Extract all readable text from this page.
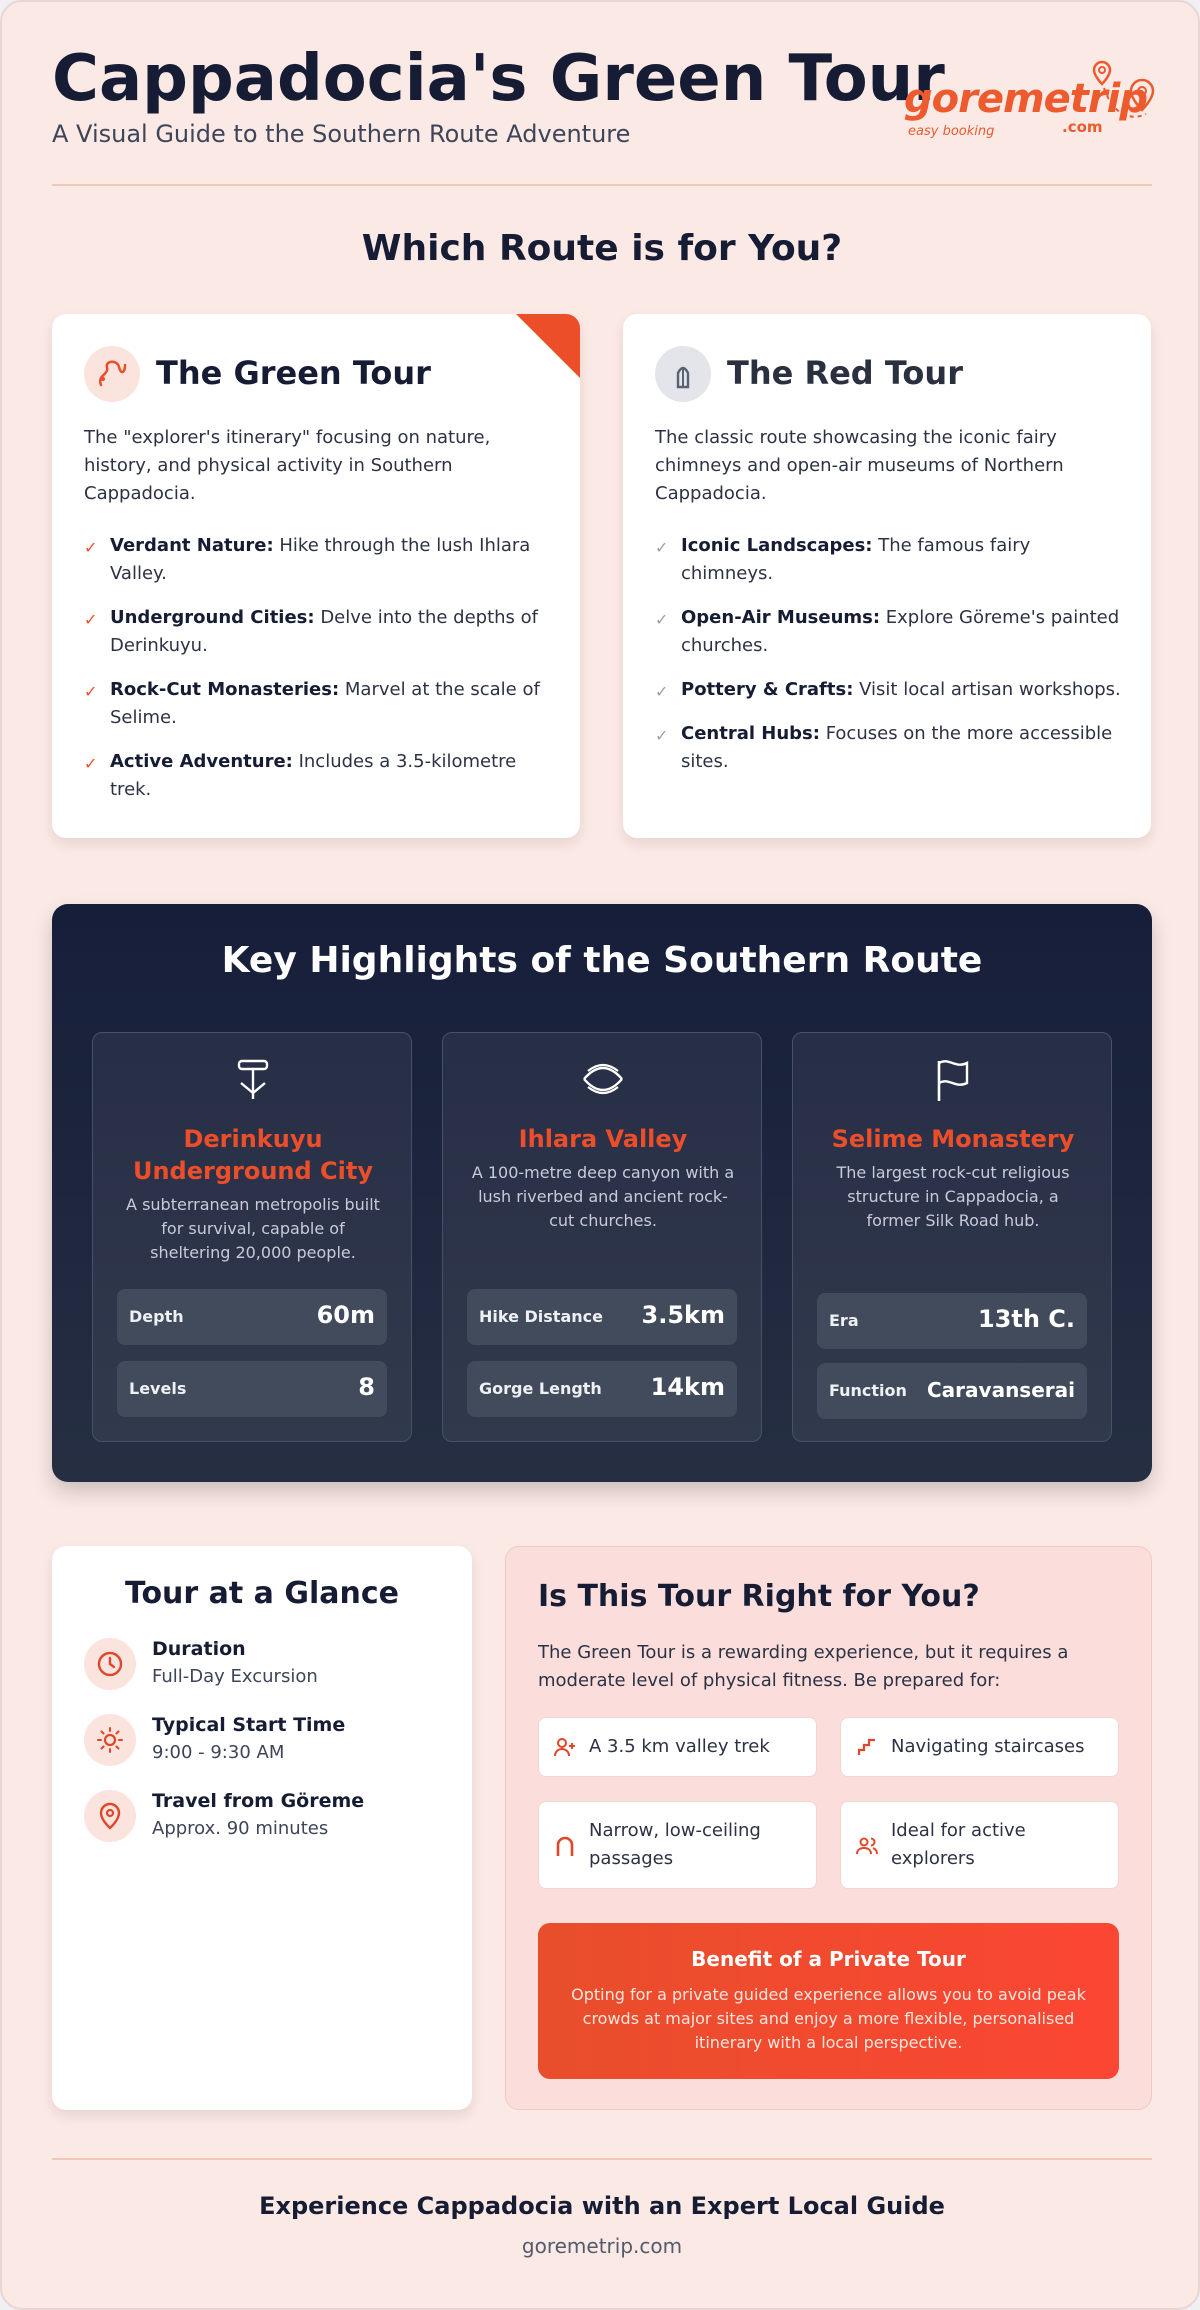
Cappadocia's Green Tour
A Visual Guide to the Southern Route Adventure
goremetrip
easy booking	.com
Which Route is for You?
The Green Tour
The "explorer's itinerary" focusing on nature, history, and physical activity in Southern Cappadocia.
✓ Verdant Nature: Hike through the lush Ihlara Valley.
✓ Underground Cities: Delve into the depths of Derinkuyu.
✓ Rock-Cut Monasteries: Marvel at the scale of Selime.
✓ Active Adventure: Includes a 3.5-kilometre trek.
The Red Tour
The classic route showcasing the iconic fairy chimneys and open-air museums of Northern Cappadocia.
✓ Iconic Landscapes: The famous fairy chimneys.
✓ Open-Air Museums: Explore Göreme's painted churches.
✓ Pottery & Crafts: Visit local artisan workshops.
✓ Central Hubs: Focuses on the more accessible sites.
Key Highlights of the Southern Route
Derinkuyu Underground City
A subterranean metropolis built for survival, capable of sheltering 20,000 people.
Depth	60m
Levels	8
Ihlara Valley
A 100-metre deep canyon with a lush riverbed and ancient rock-cut churches.
Hike Distance 3.5km
Gorge Length 14km
Selime Monastery
The largest rock-cut religious structure in Cappadocia, a former Silk Road hub.
Era	13th C.
Function Caravanserai
Tour at a Glance
Duration
Full-Day Excursion
Typical Start Time
9:00 - 9:30 AM
Travel from Göreme
Approx. 90 minutes
Is This Tour Right for You?
The Green Tour is a rewarding experience, but it requires a moderate level of physical fitness. Be prepared for:
A 3.5 km valley trek	Navigating staircases
Narrow, low-ceiling passages
Ideal for active explorers
Benefit of a Private Tour
Opting for a private guided experience allows you to avoid peak crowds at major sites and enjoy a more flexible, personalised itinerary with a local perspective.
Experience Cappadocia with an Expert Local Guide
goremetrip.com
